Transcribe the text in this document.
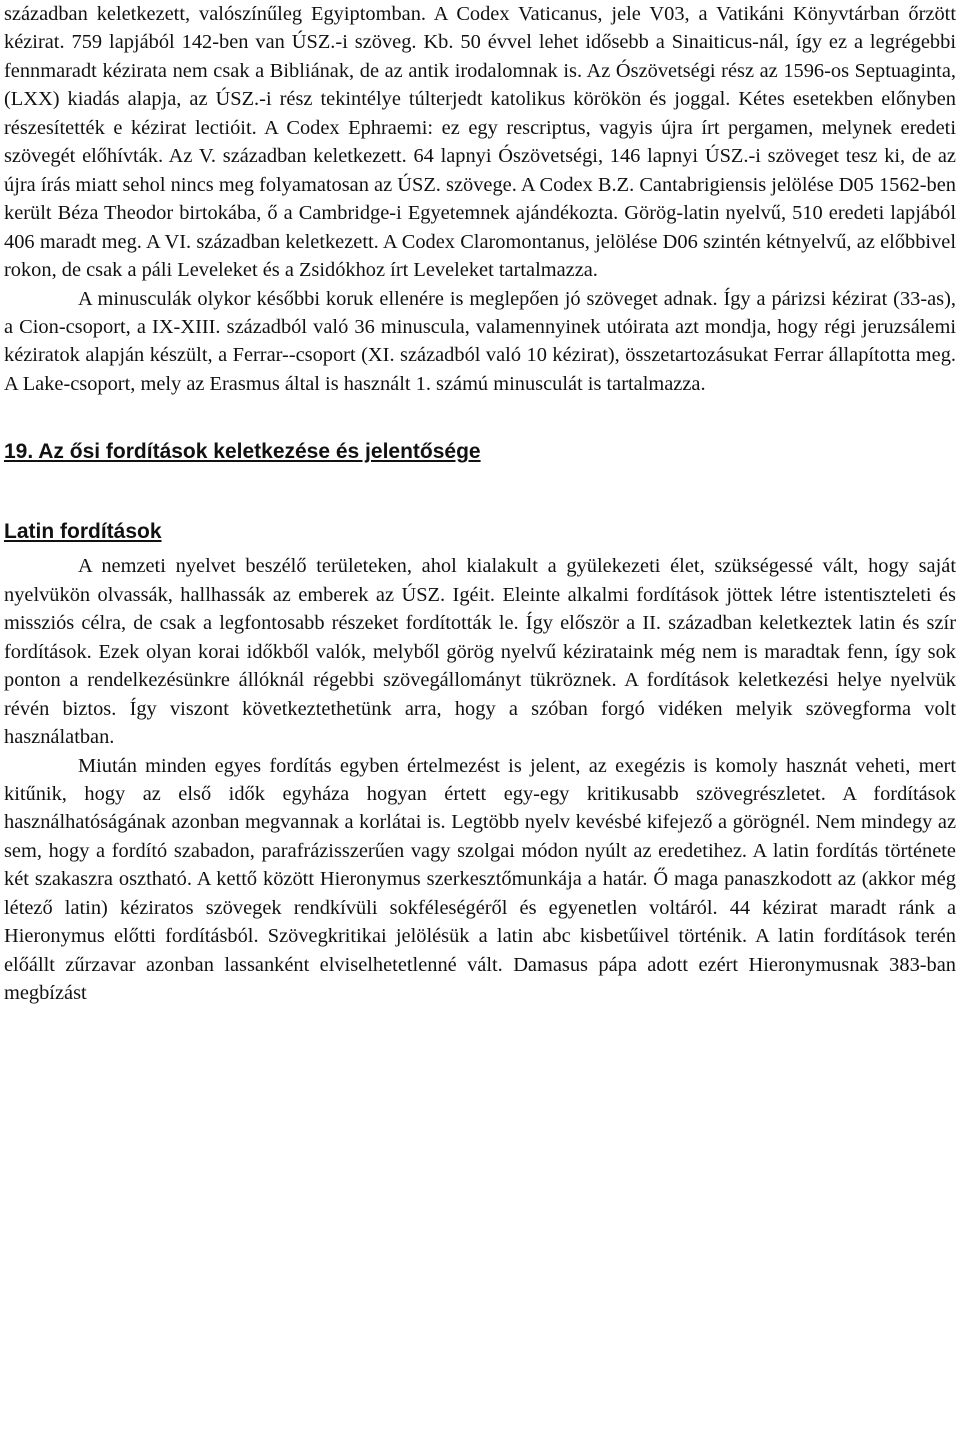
században keletkezett, valószínűleg Egyiptomban. A Codex Vaticanus, jele V03, a Vatikáni Könyvtárban őrzött kézirat. 759 lapjából 142-ben van ÚSZ.-i szöveg. Kb. 50 évvel lehet idősebb a Sinaiticus-nál, így ez a legrégebbi fennmaradt kézirata nem csak a Bibliának, de az antik irodalomnak is. Az Ószövetségi rész az 1596-os Septuaginta, (LXX) kiadás alapja, az ÚSZ.-i rész tekintélye túlterjedt katolikus körökön és joggal. Kétes esetekben előnyben részesítették e kézirat lectióit. A Codex Ephraemi: ez egy rescriptus, vagyis újra írt pergamen, melynek eredeti szövegét előhívták. Az V. században keletkezett. 64 lapnyi Ószövetségi, 146 lapnyi ÚSZ.-i szöveget tesz ki, de az újra írás miatt sehol nincs meg folyamatosan az ÚSZ. szövege. A Codex B.Z. Cantabrigiensis jelölése D05 1562-ben került Béza Theodor birtokába, ő a Cambridge-i Egyetemnek ajándékozta. Görög-latin nyelvű, 510 eredeti lapjából 406 maradt meg. A VI. században keletkezett. A Codex Claromontanus, jelölése D06 szintén kétnyelvű, az előbbivel rokon, de csak a páli Leveleket és a Zsidókhoz írt Leveleket tartalmazza.

A minusculák olykor későbbi koruk ellenére is meglepően jó szöveget adnak. Így a párizsi kézirat (33-as), a Cion-csoport, a IX-XIII. századból való 36 minuscula, valamennyinek utóirata azt mondja, hogy régi jeruzsálemi kéziratok alapján készült, a Ferrar--csoport (XI. századból való 10 kézirat), összetartozásukat Ferrar állapította meg. A Lake-csoport, mely az Erasmus által is használt 1. számú minusculát is tartalmazza.

19. Az ősi fordítások keletkezése és jelentősége
Latin fordítások

A nemzeti nyelvet beszélő területeken, ahol kialakult a gyülekezeti élet, szükségessé vált, hogy saját nyelvükön olvassák, hallhassák az emberek az ÚSZ. Igéit. Eleinte alkalmi fordítások jöttek létre istentiszteleti és missziós célra, de csak a legfontosabb részeket fordították le. Így először a II. században keletkeztek latin és szír fordítások. Ezek olyan korai időkből valók, melyből görög nyelvű kézirataink még nem is maradtak fenn, így sok ponton a rendelkezésünkre állóknál régebbi szövegállományt tükröznek. A fordítások keletkezési helye nyelvük révén biztos. Így viszont következtethetünk arra, hogy a szóban forgó vidéken melyik szövegforma volt használatban.

Miután minden egyes fordítás egyben értelmezést is jelent, az exegézis is komoly hasznát veheti, mert kitűnik, hogy az első idők egyháza hogyan értett egy-egy kritikusabb szövegrészletet. A fordítások használhatóságának azonban megvannak a korlátai is. Legtöbb nyelv kevésbé kifejező a görögnél. Nem mindegy az sem, hogy a fordító szabadon, parafrázisszerűen vagy szolgai módon nyúlt az eredetihez. A latin fordítás története két szakaszra osztható. A kettő között Hieronymus szerkesztőmunkája a határ. Ő maga panaszkodott az (akkor még létező latin) kéziratos szövegek rendkívüli sokféleségéről és egyenetlen voltáról. 44 kézirat maradt ránk a Hieronymus előtti fordításból. Szövegkritikai jelölésük a latin abc kisbetűivel történik. A latin fordítások terén előállt zűrzavar azonban lassanként elviselhetetlenné vált. Damasus pápa adott ezért Hieronymusnak 383-ban megbízást
